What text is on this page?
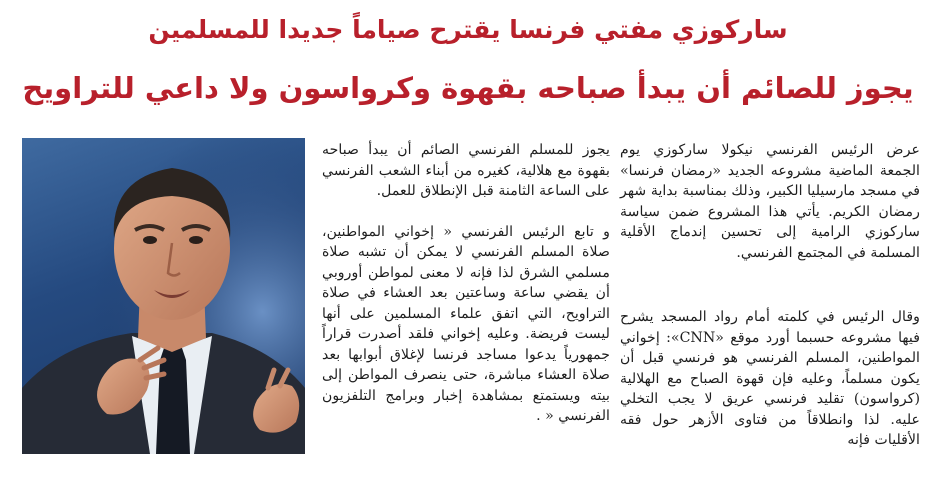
ساركوزي مفتي فرنسا يقترح صياماً جديدا للمسلمين
يجوز للصائم أن يبدأ صباحه بقهوة وكرواسون ولا داعي للتراويح

عرض الرئيس الفرنسي نيكولا ساركوزي يوم الجمعة الماضية مشروعه الجديد «رمضان فرنسا» في مسجد مارسيليا الكبير، وذلك بمناسبة بداية شهر رمضان الكريم. يأتي هذا المشروع ضمن سياسة ساركوزي الرامية إلى تحسين إندماج الأقلية المسلمة في المجتمع الفرنسي.

وقال الرئيس في كلمته أمام رواد المسجد يشرح فيها مشروعه حسبما أورد موقع «CNN»: إخواني المواطنين، المسلم الفرنسي هو فرنسي قبل أن يكون مسلماً، وعليه فإن قهوة الصباح مع الهلالية (كرواسون) تقليد فرنسي عريق لا يجب التخلي عليه. لذا وانطلاقاً من فتاوى الأزهر حول فقه الأقليات فإنه

يجوز للمسلم الفرنسي الصائم أن يبدأ صباحه بقهوة مع هلالية، كغيره من أبناء الشعب الفرنسي على الساعة الثامنة قبل الإنطلاق للعمل.

و تابع الرئيس الفرنسي « إخواني المواطنين، صلاة المسلم الفرنسي لا يمكن أن تشبه صلاة مسلمي الشرق لذا فإنه لا معنى لمواطن أوروبي أن يقضي ساعة وساعتين بعد العشاء في صلاة التراويح، التي اتفق علماء المسلمين على أنها ليست فريضة. وعليه إخواني فلقد أصدرت قراراً جمهورياً يدعوا مساجد فرنسا لإغلاق أبوابها بعد صلاة العشاء مباشرة، حتى ينصرف المواطن إلى بيته ويستمتع بمشاهدة إخبار وبرامج التلفزيون الفرنسي « .
